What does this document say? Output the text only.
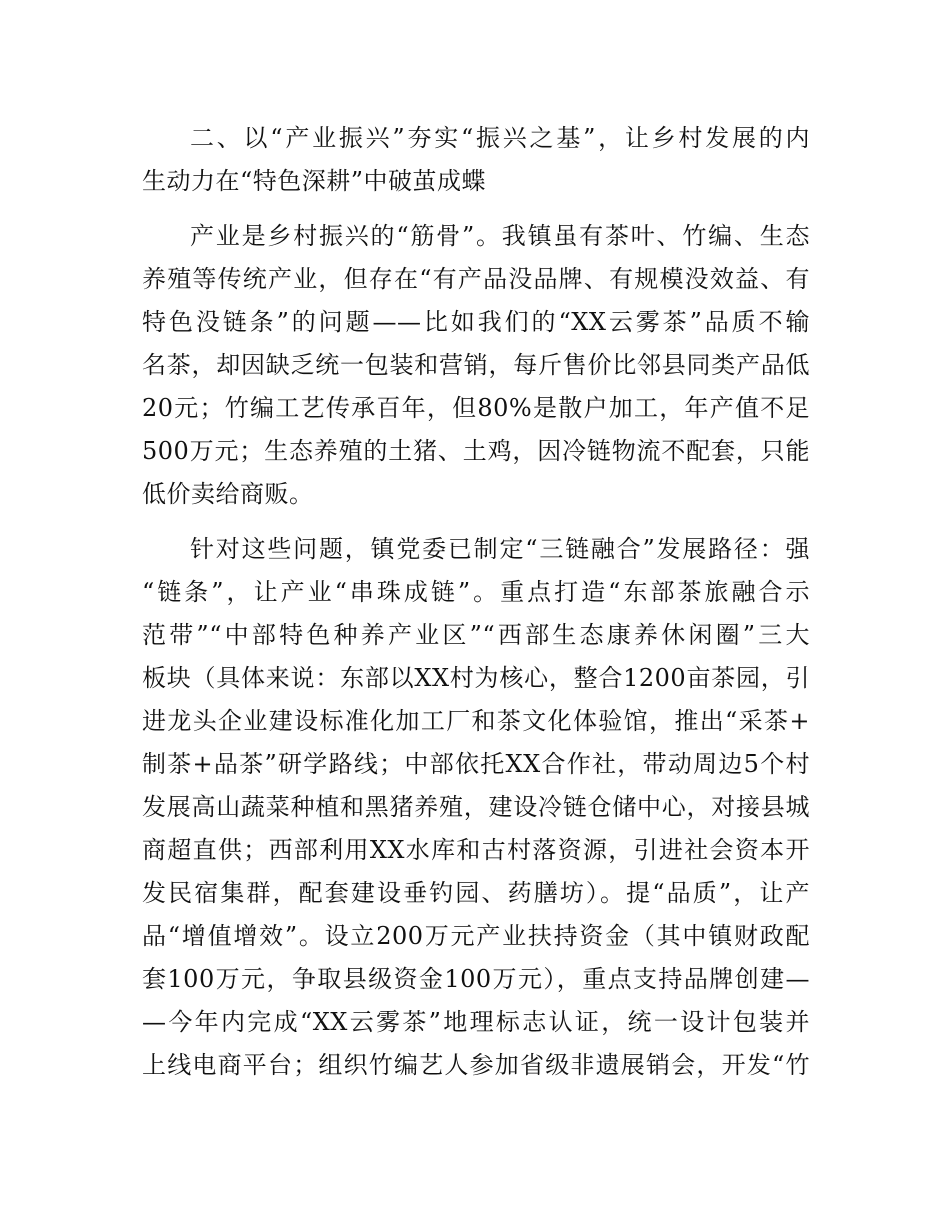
二、以“产业振兴”夯实“振兴之基”，让乡村发展的内
生动力在“特色深耕”中破茧成蝶
产业是乡村振兴的“筋骨”。我镇虽有茶叶、竹编、生态
养殖等传统产业，但存在“有产品没品牌、有规模没效益、有
特色没链条”的问题——比如我们的“XX云雾茶”品质不输
名茶，却因缺乏统一包装和营销，每斤售价比邻县同类产品低
20元；竹编工艺传承百年，但80%是散户加工，年产值不足
500万元；生态养殖的土猪、土鸡，因冷链物流不配套，只能
低价卖给商贩。
针对这些问题，镇党委已制定“三链融合”发展路径：强
“链条”，让产业“串珠成链”。重点打造“东部茶旅融合示
范带”“中部特色种养产业区”“西部生态康养休闲圈”三大
板块（具体来说：东部以XX村为核心，整合1200亩茶园，引
进龙头企业建设标准化加工厂和茶文化体验馆，推出“采茶+
制茶+品茶”研学路线；中部依托XX合作社，带动周边5个村
发展高山蔬菜种植和黑猪养殖，建设冷链仓储中心，对接县城
商超直供；西部利用XX水库和古村落资源，引进社会资本开
发民宿集群，配套建设垂钓园、药膳坊）。提“品质”，让产
品“增值增效”。设立200万元产业扶持资金（其中镇财政配
套100万元，争取县级资金100万元），重点支持品牌创建—
—今年内完成“XX云雾茶”地理标志认证，统一设计包装并
上线电商平台；组织竹编艺人参加省级非遗展销会，开发“竹
